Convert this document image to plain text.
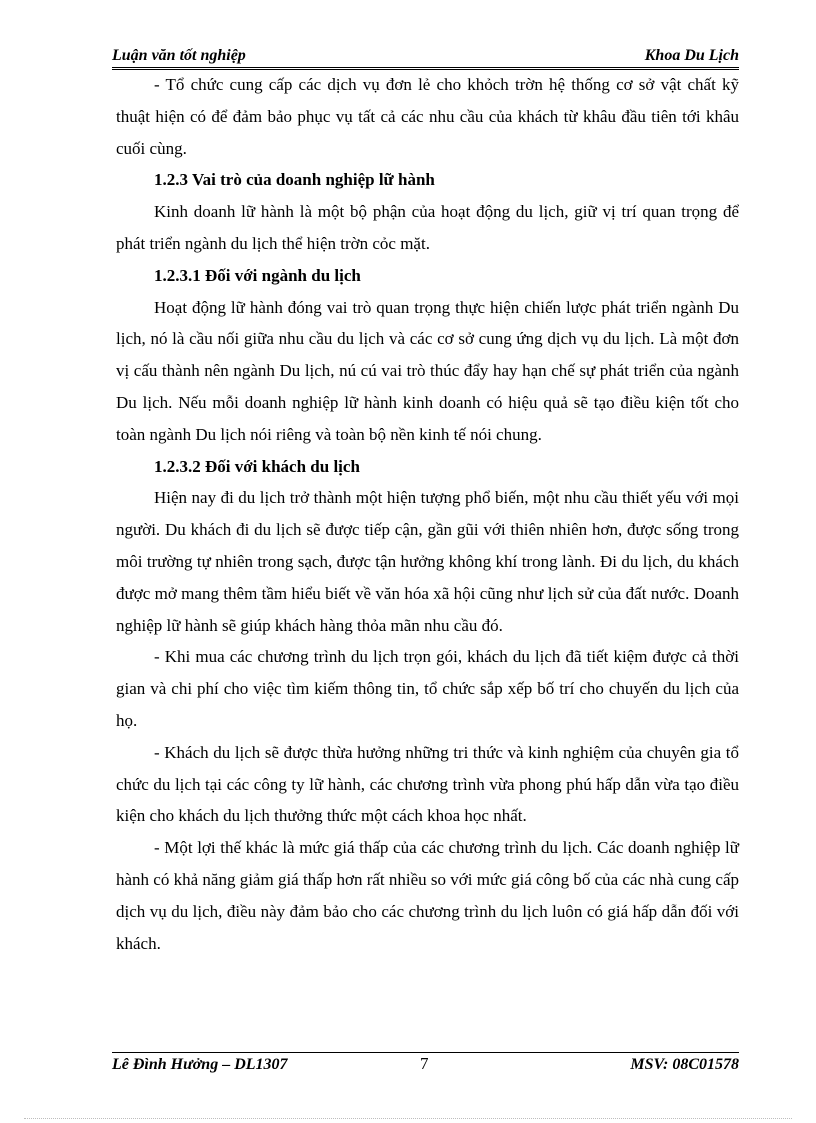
Luận văn tốt nghiệp	Khoa Du Lịch

- Tổ chức cung cấp các dịch vụ đơn lẻ cho khỏch trờn hệ thống cơ sở vật chất kỹ thuật hiện có để đảm bảo phục vụ tất cả các nhu cầu của khách từ khâu đầu tiên tới khâu cuối cùng.

1.2.3 Vai trò của doanh nghiệp lữ hành

Kinh doanh lữ hành là một bộ phận của hoạt động du lịch, giữ vị trí quan trọng để phát triển ngành du lịch thể hiện trờn cỏc mặt.

1.2.3.1 Đối với ngành du lịch

Hoạt động lữ hành đóng vai trò quan trọng thực hiện chiến lược phát triển ngành Du lịch, nó là cầu nối giữa nhu cầu du lịch và các cơ sở cung ứng dịch vụ du lịch. Là một đơn vị cấu thành nên ngành Du lịch, nú cú vai trò thúc đẩy hay hạn chế sự phát triển của ngành Du lịch. Nếu mỗi doanh nghiệp lữ hành kinh doanh có hiệu quả sẽ tạo điều kiện tốt cho toàn ngành Du lịch nói riêng và toàn bộ nền kinh tế nói chung.

1.2.3.2 Đối với khách du lịch

Hiện nay đi du lịch trở thành một hiện tượng phổ biến, một nhu cầu thiết yếu với mọi người. Du khách đi du lịch sẽ được tiếp cận, gần gũi với thiên nhiên hơn, được sống trong môi trường tự nhiên trong sạch, được tận hưởng không khí trong lành. Đi du lịch, du khách được mở mang thêm tầm hiểu biết về văn hóa xã hội cũng như lịch sử của đất nước. Doanh nghiệp lữ hành sẽ giúp khách hàng thỏa mãn nhu cầu đó.

- Khi mua các chương trình du lịch trọn gói, khách du lịch đã tiết kiệm được cả thời gian và chi phí cho việc tìm kiếm thông tin, tổ chức sắp xếp bố trí cho chuyến du lịch của họ.

- Khách du lịch sẽ được thừa hưởng những tri thức và kinh nghiệm của chuyên gia tổ chức du lịch tại các công ty lữ hành, các chương trình vừa phong phú hấp dẫn vừa tạo điều kiện cho khách du lịch thưởng thức một cách khoa học nhất.

- Một lợi thế khác là mức giá thấp của các chương trình du lịch. Các doanh nghiệp lữ hành có khả năng giảm giá thấp hơn rất nhiều so với mức giá công bố của các nhà cung cấp dịch vụ du lịch, điều này đảm bảo cho các chương trình du lịch luôn có giá hấp dẫn đối với khách.

Lê Đình Hưởng – DL1307	7	MSV: 08C01578
